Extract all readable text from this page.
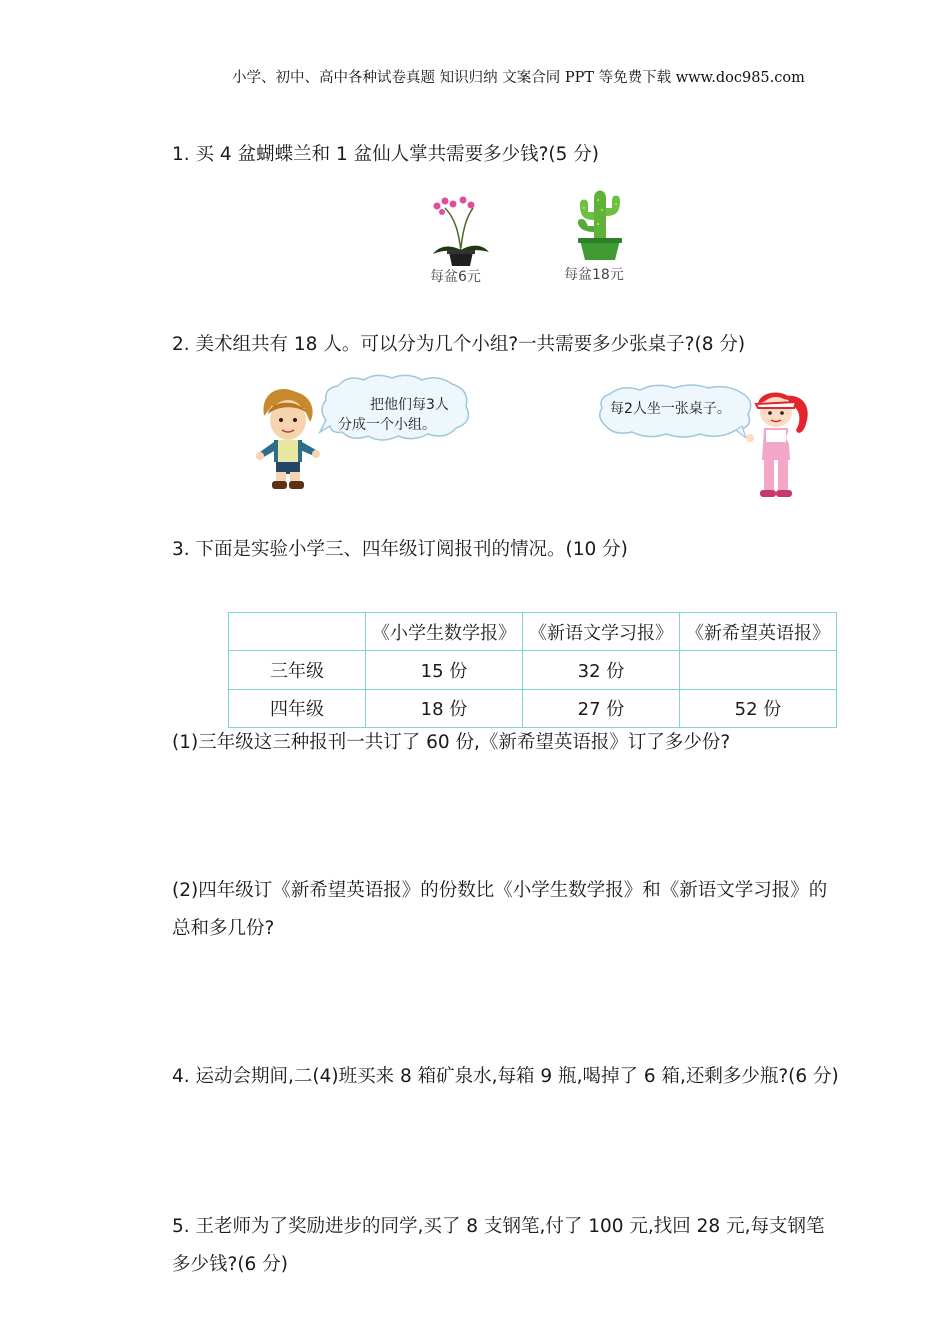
小学、初中、高中各种试卷真题 知识归纳 文案合同 PPT 等免费下载 www.doc985.com
1. 买 4 盆蝴蝶兰和 1 盆仙人掌共需要多少钱?(5 分)
每盆6元	每盆18元
2. 美术组共有 18 人。可以分为几个小组?一共需要多少张桌子?(8 分)
把他们每3人
分成一个小组。
每2人坐一张桌子。
3. 下面是实验小学三、四年级订阅报刊的情况。(10 分)
	《小学生数学报》	《新语文学习报》	《新希望英语报》
三年级	15 份	32 份	
四年级	18 份	27 份	52 份
(1)三年级这三种报刊一共订了 60 份,《新希望英语报》订了多少份?
(2)四年级订《新希望英语报》的份数比《小学生数学报》和《新语文学习报》的
总和多几份?
4. 运动会期间,二(4)班买来 8 箱矿泉水,每箱 9 瓶,喝掉了 6 箱,还剩多少瓶?(6 分)
5. 王老师为了奖励进步的同学,买了 8 支钢笔,付了 100 元,找回 28 元,每支钢笔
多少钱?(6 分)
